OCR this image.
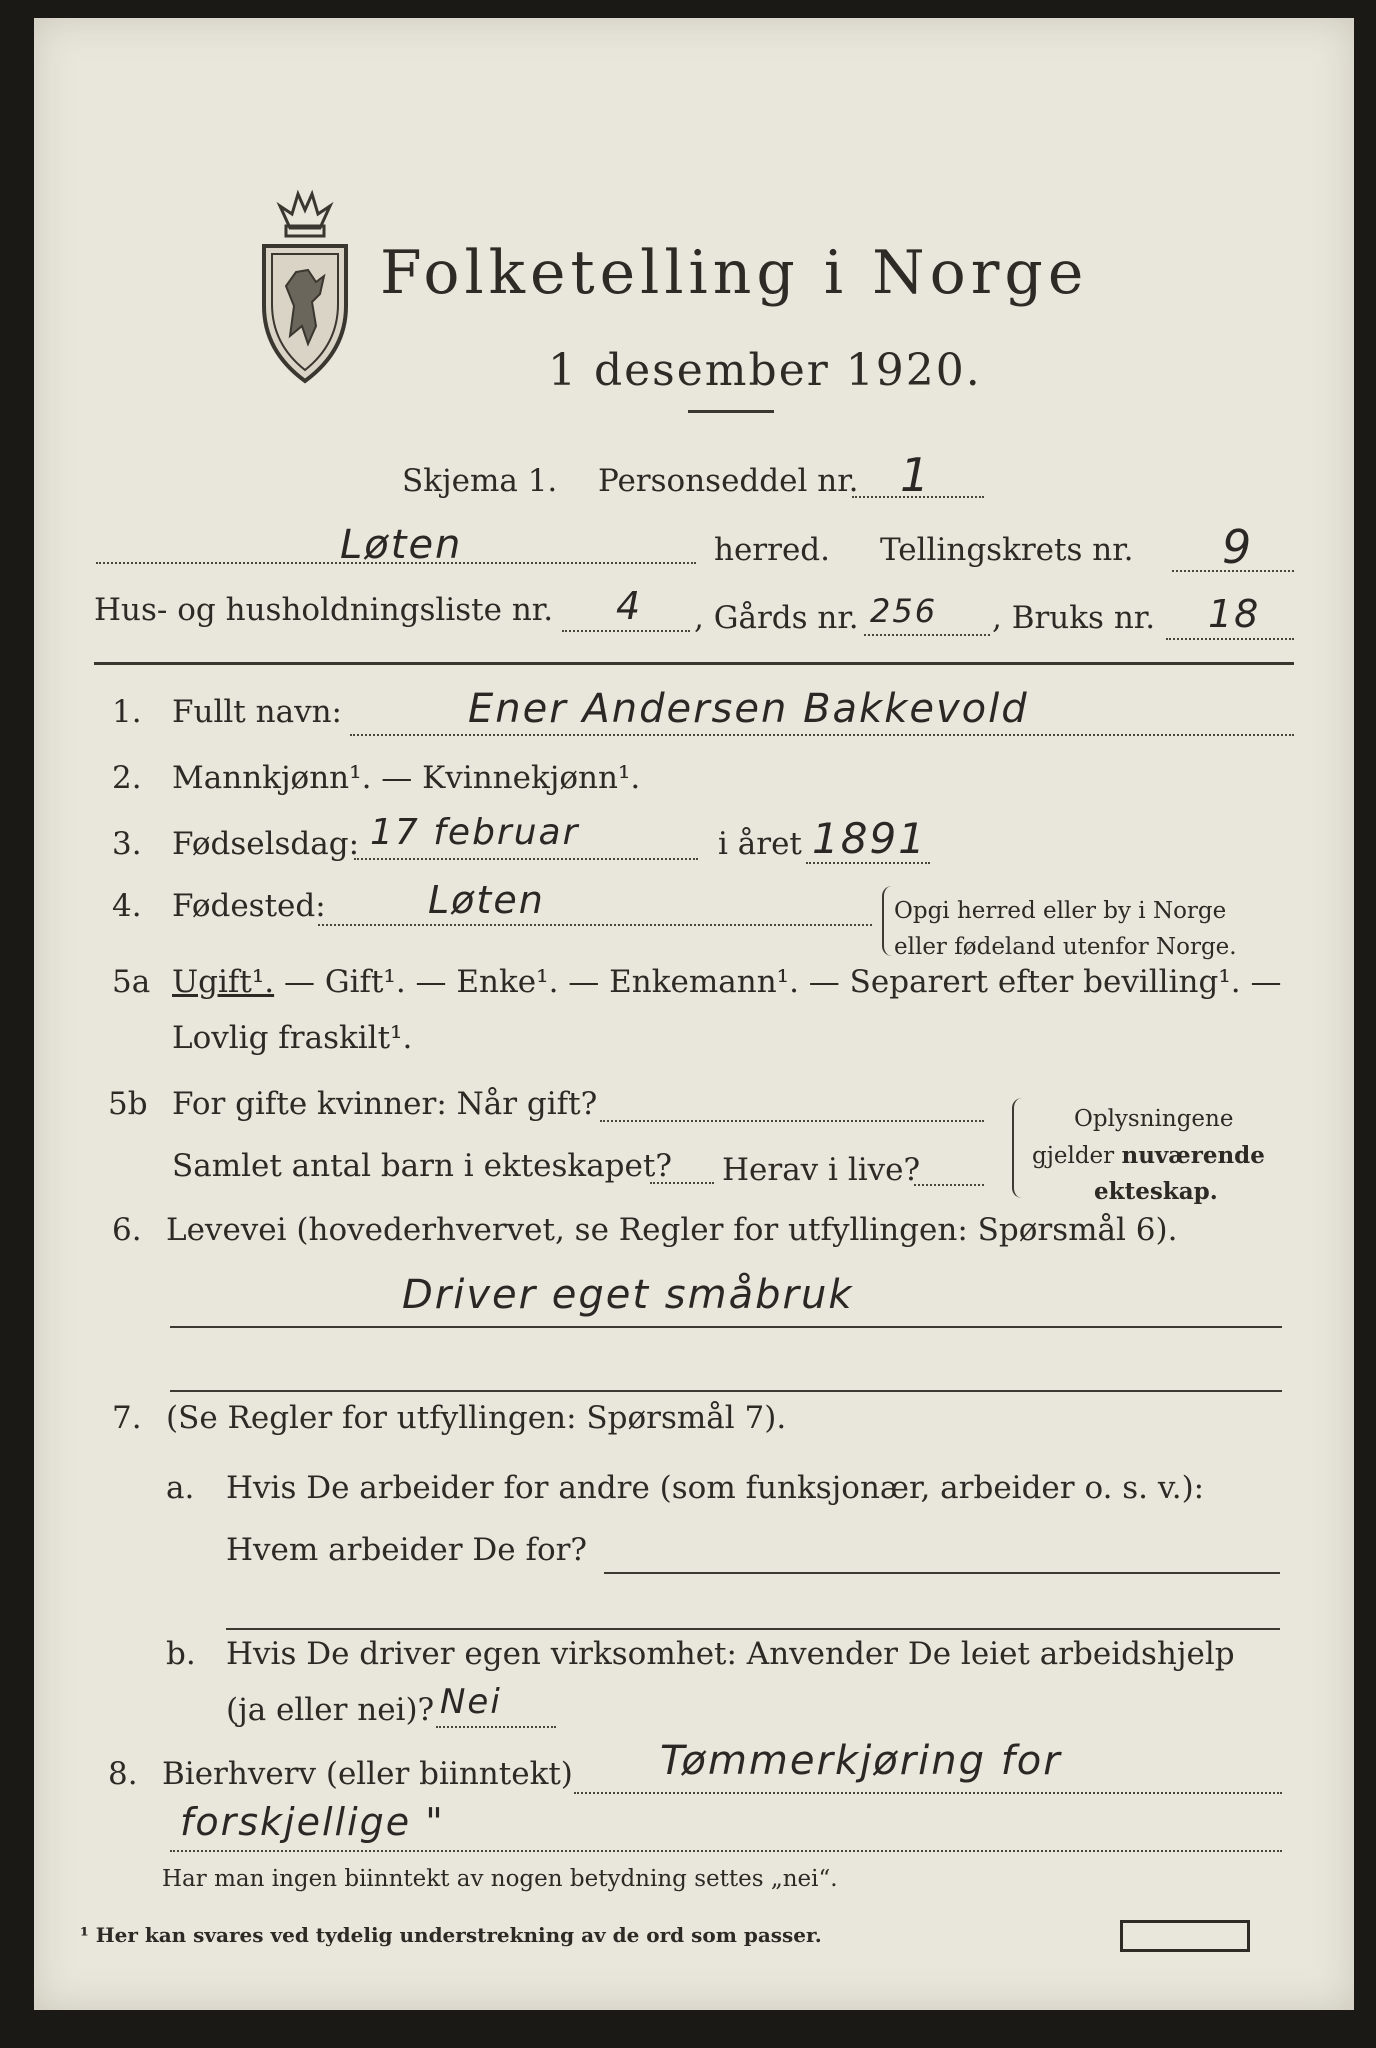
Folketelling i Norge
1 desember 1920.
Skjema 1. Personseddel nr. 1
Løten	herred. Tellingskrets nr. 9
Hus- og husholdningsliste nr. 4 , Gårds nr. 256 , Bruks nr. 18
1. Fullt navn:	Ener Andersen Bakkevold
2. Mannkjønn¹. — Kvinnekjønn¹.
3. Fødselsdag: 17 februar	i året 1891
4. Fødested:	Løten	Opgi herred eller by i Norge
eller fødeland utenfor Norge.
5a Ugift¹. — Gift¹. — Enke¹. — Enkemann¹. — Separert efter bevilling¹. —
Lovlig fraskilt¹.
5b For gifte kvinner: Når gift?
Samlet antal barn i ekteskapet? Herav i live?
Oplysningene
gjelder nuværende
ekteskap.
6. Levevei (hovederhvervet, se Regler for utfyllingen: Spørsmål 6).
Driver eget småbruk
7. (Se Regler for utfyllingen: Spørsmål 7).
a. Hvis De arbeider for andre (som funksjonær, arbeider o. s. v.):
Hvem arbeider De for?
b. Hvis De driver egen virksomhet: Anvender De leiet arbeidshjelp
(ja eller nei)? Nei
8. Bierhverv (eller biinntekt) Tømmerkjøring for
forskjellige "
Har man ingen biinntekt av nogen betydning settes „nei“.
¹ Her kan svares ved tydelig understrekning av de ord som passer.
